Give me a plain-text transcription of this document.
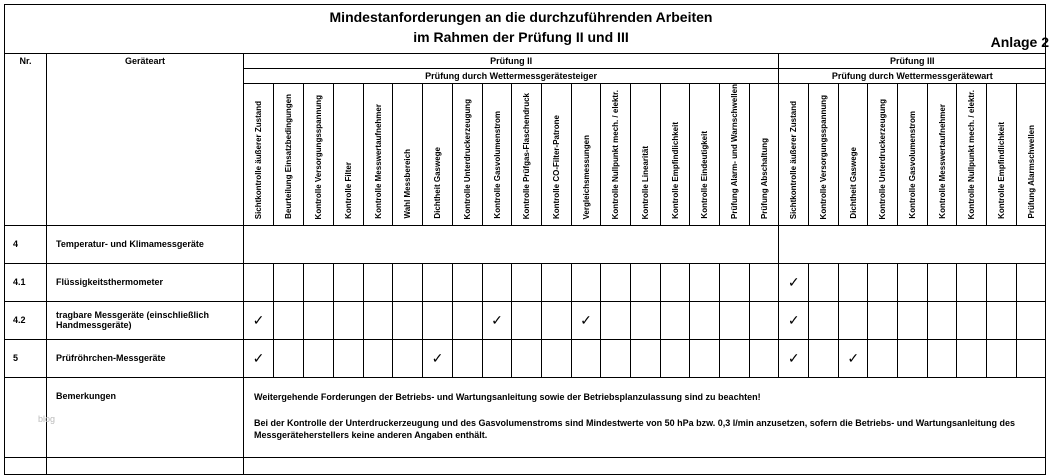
Mindestanforderungen an die durchzuführenden Arbeiten
im Rahmen der Prüfung II und III	Anlage 2
Nr.	Geräteart	Prüfung II																		Prüfung III								
		Prüfung durch Wettermessgerätesteiger																		Prüfung durch Wettermessgerätewart								
		Sichtkontrolle äußerer Zustand	Beurteilung Einsatzbedingungen	Kontrolle Versorgungsspannung	Kontrolle Filter	Kontrolle Messwertaufnehmer	Wahl Messbereich	Dichtheit Gaswege	Kontrolle Unterdruckerzeugung	Kontrolle Gasvolumenstrom	Kontrolle Prüfgas-Flaschendruck	Kontrolle CO-Filter-Patrone	Vergleichsmessungen	Kontrolle Nullpunkt mech. / elektr.	Kontrolle Linearität	Kontrolle Empfindlichkeit	Kontrolle Eindeutigkeit	Prüfung Alarm- und Warnschwellen	Prüfung Abschaltung	Sichtkontrolle äußerer Zustand	Kontrolle Versorgungsspannung	Dichtheit Gaswege	Kontrolle Unterdruckerzeugung	Kontrolle Gasvolumenstrom	Kontrolle Messwertaufnehmer	Kontrolle Nullpunkt mech. / elektr.	Kontrolle Empfindlichkeit	Prüfung Alarmschwellen
4	Temperatur- und Klimamessgeräte																											
4.1	Flüssigkeitsthermometer																			✓								
4.2	tragbare Messgeräte (einschließlich Handmessgeräte)	✓								✓			✓							✓								
5	Prüfröhrchen-Messgeräte	✓						✓												✓		✓						
	Bemerkungen	Weitergehende Forderungen der Betriebs- und Wartungsanleitung sowie der Betriebsplanzulassung sind zu beachten!

Bei der Kontrolle der Unterdruckerzeugung und des Gasvolumenstroms sind Mindestwerte von 50 hPa bzw. 0,3 l/min anzusetzen, sofern die Betriebs- und Wartungsanleitung des Messgeräteherstellers keine anderen Angaben enthält.																										

blog
